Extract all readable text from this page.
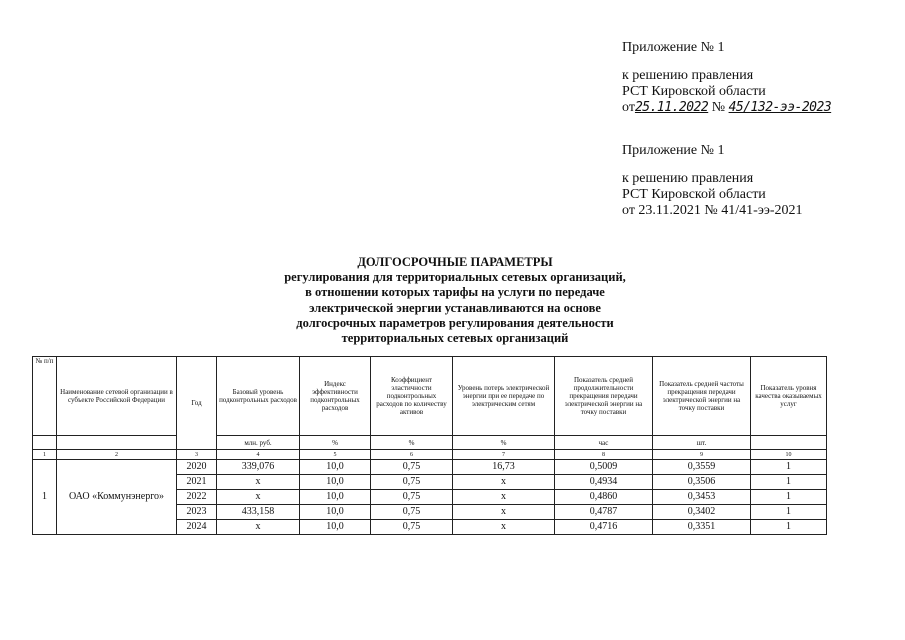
Приложение № 1
к решению правления
РСТ Кировской области
от25.11.2022 № 45/132-ээ-2023
Приложение № 1
к решению правления
РСТ Кировской области
от 23.11.2021 № 41/41-ээ-2021
ДОЛГОСРОЧНЫЕ ПАРАМЕТРЫ
регулирования для территориальных сетевых организаций,
в отношении которых тарифы на услуги по передаче
электрической энергии устанавливаются на основе
долгосрочных параметров регулирования деятельности
территориальных сетевых организаций
№ п/п	Наименование сетевой организации в субъекте Российской Федерации	Год	Базовый уровень подконтрольных расходов	Индекс эффективности подконтрольных расходов	Коэффициент эластичности подконтрольных расходов по количеству активов	Уровень потерь электрической энергии при ее передаче по электрическим сетям	Показатель средней продолжительности прекращения передачи электрической энергии на точку поставки	Показатель средней частоты прекращения передачи электрической энергии на точку поставки	Показатель уровня качества оказываемых услуг
			млн. руб.	%	%	%	час	шт.	
1	2	3	4	5	6	7	8	9	10
1	ОАО «Коммунэнерго»	2020	339,076	10,0	0,75	16,73	0,5009	0,3559	1
		2021	х	10,0	0,75	х	0,4934	0,3506	1
		2022	х	10,0	0,75	х	0,4860	0,3453	1
		2023	433,158	10,0	0,75	х	0,4787	0,3402	1
		2024	х	10,0	0,75	х	0,4716	0,3351	1
